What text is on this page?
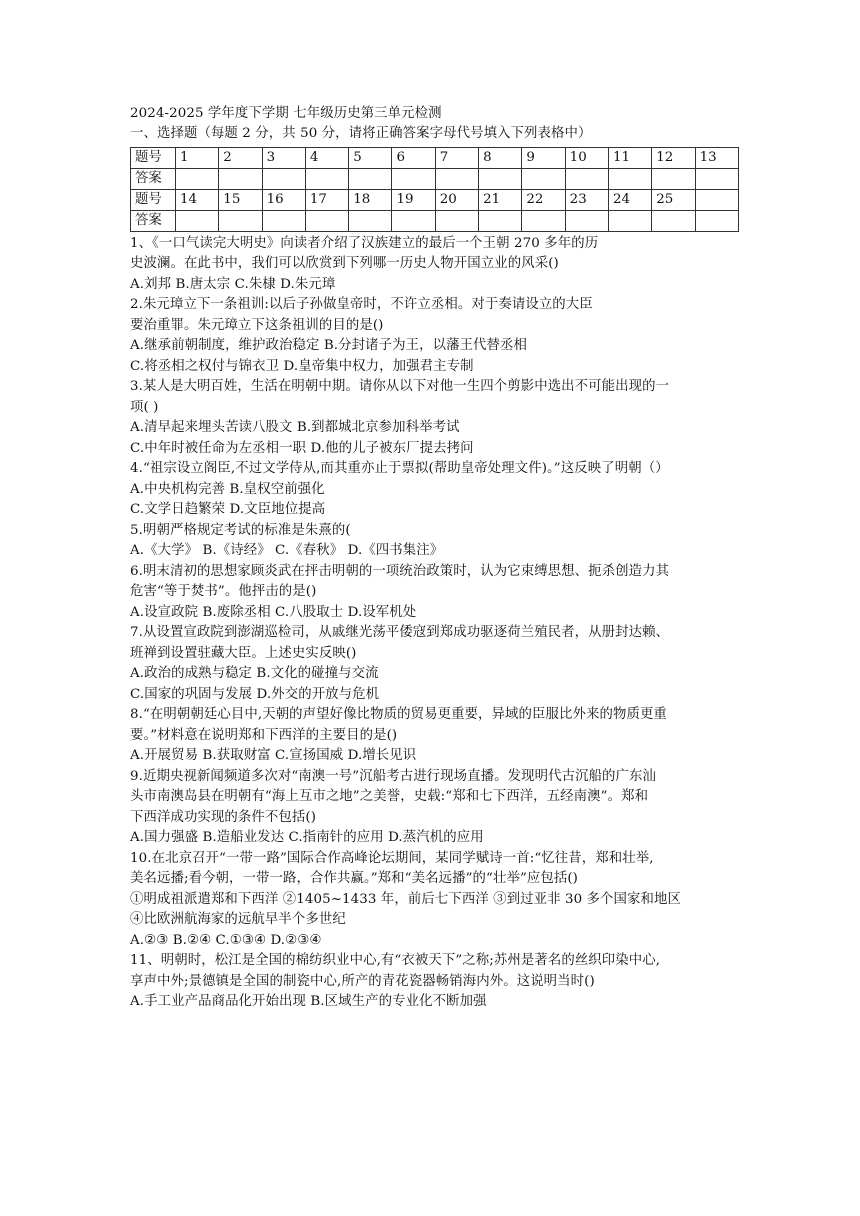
2024-2025 学年度下学期 七年级历史第三单元检测
一、选择题（每题 2 分，共 50 分，请将正确答案字母代号填入下列表格中）
题号	1	2	3	4	5	6	7	8	9	10	11	12	13
答案													
题号	14	15	16	17	18	19	20	21	22	23	24	25	
答案													
1、《一口气读完大明史》向读者介绍了汉族建立的最后一个王朝 270 多年的历
史波澜。在此书中，我们可以欣赏到下列哪一历史人物开国立业的风采()
A.刘邦 B.唐太宗 C.朱棣 D.朱元璋
2.朱元璋立下一条祖训:以后子孙做皇帝时，不许立丞相。对于奏请设立的大臣
要治重罪。朱元璋立下这条祖训的目的是()
A.继承前朝制度，维护政治稳定 B.分封诸子为王，以藩王代替丞相
C.将丞相之权付与锦衣卫 D.皇帝集中权力，加强君主专制
3.某人是大明百姓，生活在明朝中期。请你从以下对他一生四个剪影中选出不可能出现的一
项( )
A.清早起来埋头苦读八股文 B.到都城北京参加科举考试
C.中年时被任命为左丞相一职 D.他的儿子被东厂提去拷问
4.“祖宗设立阁臣,不过文学侍从,而其重亦止于票拟(帮助皇帝处理文件)。”这反映了明朝（）
A.中央机构完善 B.皇权空前强化
C.文学日趋繁荣 D.文臣地位提高
5.明朝严格规定考试的标准是朱熹的(
A.《大学》 B.《诗经》 C.《春秋》 D.《四书集注》
6.明末清初的思想家顾炎武在抨击明朝的一项统治政策时，认为它束缚思想、扼杀创造力其
危害“等于焚书”。他抨击的是()
A.设宣政院 B.废除丞相 C.八股取士 D.设军机处
7.从设置宣政院到澎湖巡检司，从戚继光荡平倭寇到郑成功驱逐荷兰殖民者，从册封达赖、
班禅到设置驻藏大臣。上述史实反映()
A.政治的成熟与稳定 B.文化的碰撞与交流
C.国家的巩固与发展 D.外交的开放与危机
8.“在明朝朝廷心目中,天朝的声望好像比物质的贸易更重要，异域的臣服比外来的物质更重
要。”材料意在说明郑和下西洋的主要目的是()
A.开展贸易 B.获取财富 C.宣扬国威 D.增长见识
9.近期央视新闻频道多次对“南澳一号”沉船考古进行现场直播。发现明代古沉船的广东汕
头市南澳岛县在明朝有“海上互市之地”之美誉，史载:“郑和七下西洋，五经南澳”。郑和
下西洋成功实现的条件不包括()
A.国力强盛 B.造船业发达 C.指南针的应用 D.蒸汽机的应用
10.在北京召开“一带一路”国际合作高峰论坛期间，某同学赋诗一首:“忆往昔，郑和壮举,
美名远播;看今朝，一带一路，合作共赢。”郑和“美名远播”的“壮举”应包括()
①明成祖派遣郑和下西洋 ②1405~1433 年，前后七下西洋 ③到过亚非 30 多个国家和地区
④比欧洲航海家的远航早半个多世纪
A.②③ B.②④ C.①③④ D.②③④
11、明朝时，松江是全国的棉纺织业中心,有“衣被天下”之称;苏州是著名的丝织印染中心,
享声中外;景德镇是全国的制瓷中心,所产的青花瓷器畅销海内外。这说明当时()
A.手工业产品商品化开始出现 B.区域生产的专业化不断加强
